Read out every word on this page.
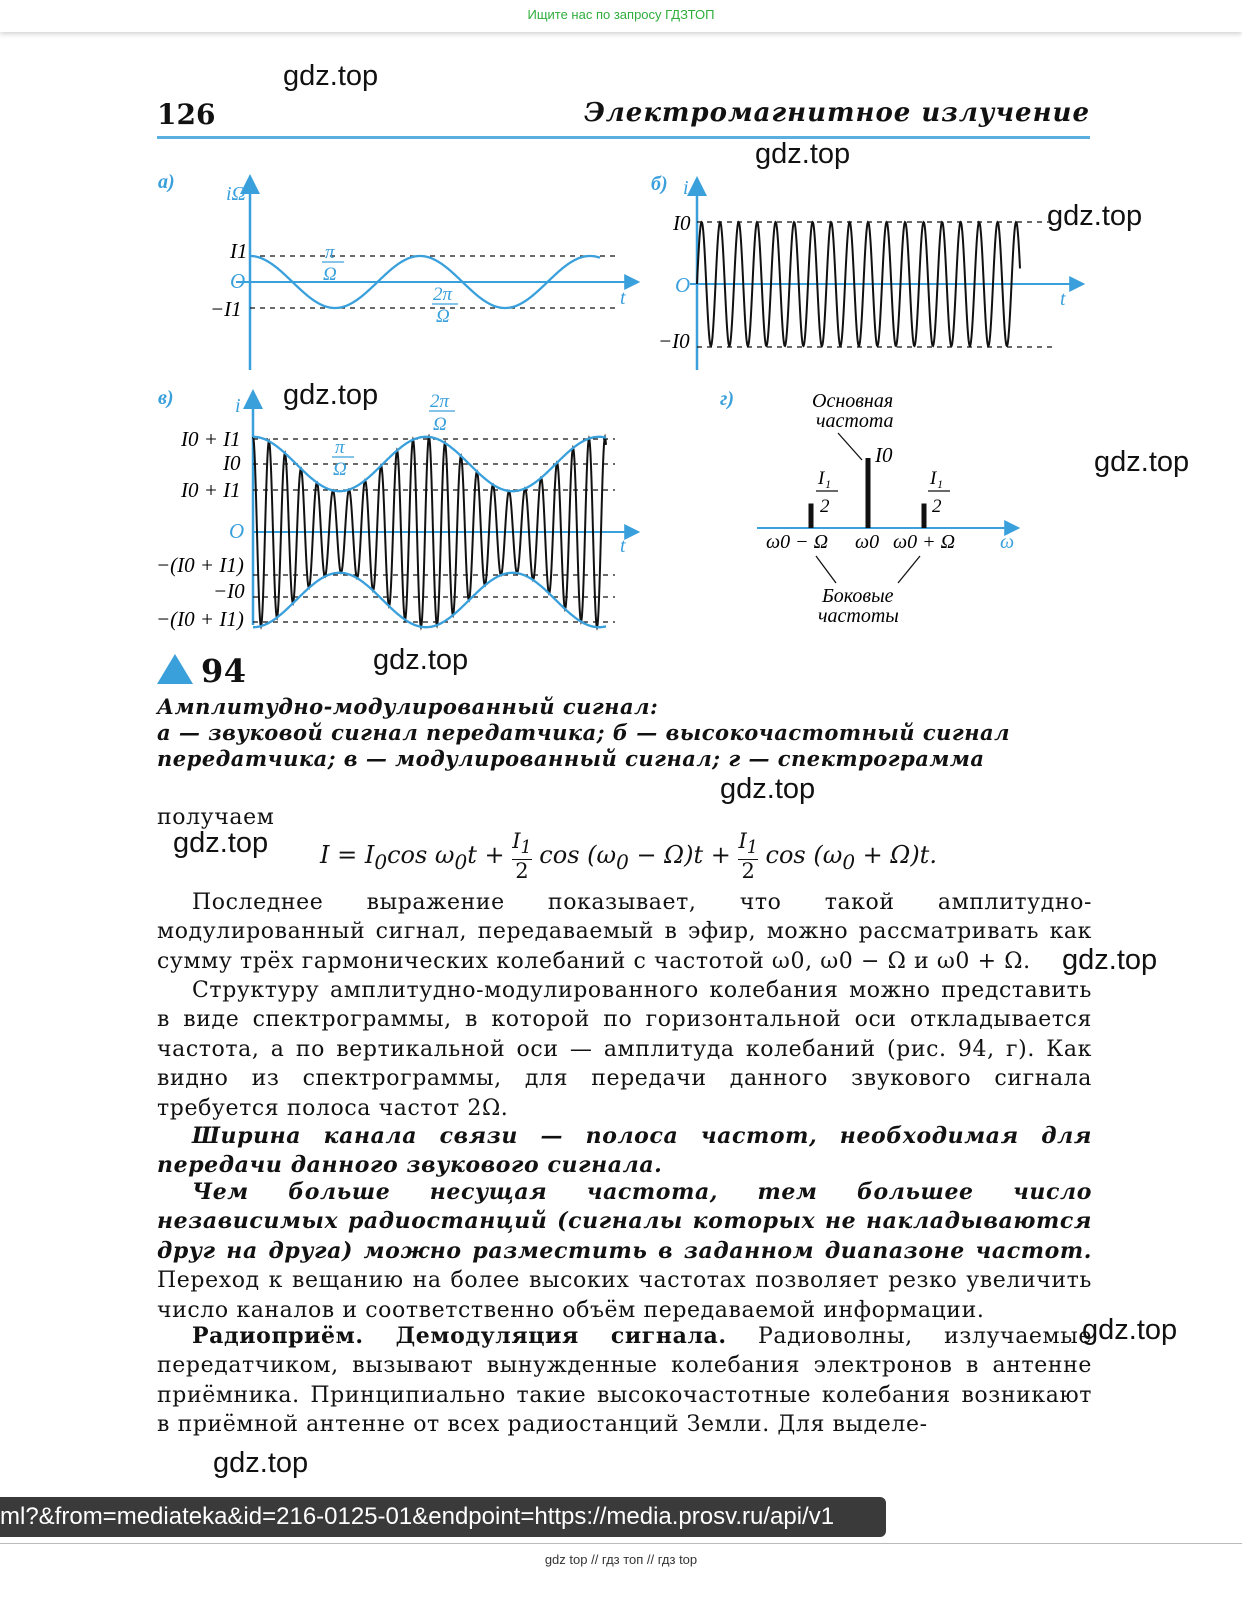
Ищите нас по запросу ГДЗТОП
gdz.top
gdz.top
gdz.top
gdz.top
gdz.top
gdz.top
gdz.top
gdz.top
gdz.top
gdz.top
gdz.top
126	Электромагнитное излучение
а)
iΩ
t
I1
O
−I1
π
Ω
2π
Ω
б) i
t
I0
O
−I0
в)	i
t
I0 + I1
I0
I0 + I1
O
−(I0 + I1)
−I0
−(I0 + I1)
π
Ω
2π
Ω
г)
ω
Основная
частота
I0
I₁
2
I₁
2
ω0 − Ω ω0 ω0 + Ω
Боковые
частоты
94
Амплитудно-модулированный сигнал:
а — звуковой сигнал передатчика; б — высокочастотный сигнал передатчика; в — модулированный сигнал; г — спектрограмма
получаем
$I = I_0\cos$ $\omega_0t + \frac{I_1}{2}$ $\cos (\omega_0 - \Omega)t + \frac{I_1}{2}$ $\cos (\omega_0 + \Omega)t$.
Последнее выражение показывает, что такой амплитудно-модулированный сигнал, передаваемый в эфир, можно рассматривать как сумму трёх гармонических колебаний с частотой ω0, ω0 − Ω и ω0 + Ω.
Структуру амплитудно-модулированного колебания можно представить в виде спектрограммы, в которой по горизонтальной оси откладывается частота, а по вертикальной оси — амплитуда колебаний (рис. 94, г). Как видно из спектрограммы, для передачи данного звукового сигнала требуется полоса частот 2Ω.
Ширина канала связи — полоса частот, необходимая для передачи данного звукового сигнала.
Чем больше несущая частота, тем большее число независимых радиостанций (сигналы которых не накладываются друг на друга) можно разместить в заданном диапазоне частот. Переход к вещанию на более высоких частотах позволяет резко увеличить число каналов и соответственно объём передаваемой информации.
Радиоприём. Демодуляция сигнала. Радиоволны, излучаемые передатчиком, вызывают вынужденные колебания электронов в антенне приёмника. Принципиально такие высокочастотные колебания возникают в приёмной антенне от всех радиостанций Земли. Для выделе-
ml?&from=mediateka&id=216-0125-01&endpoint=https://media.prosv.ru/api/v1
gdz top // гдз топ // гдз top
